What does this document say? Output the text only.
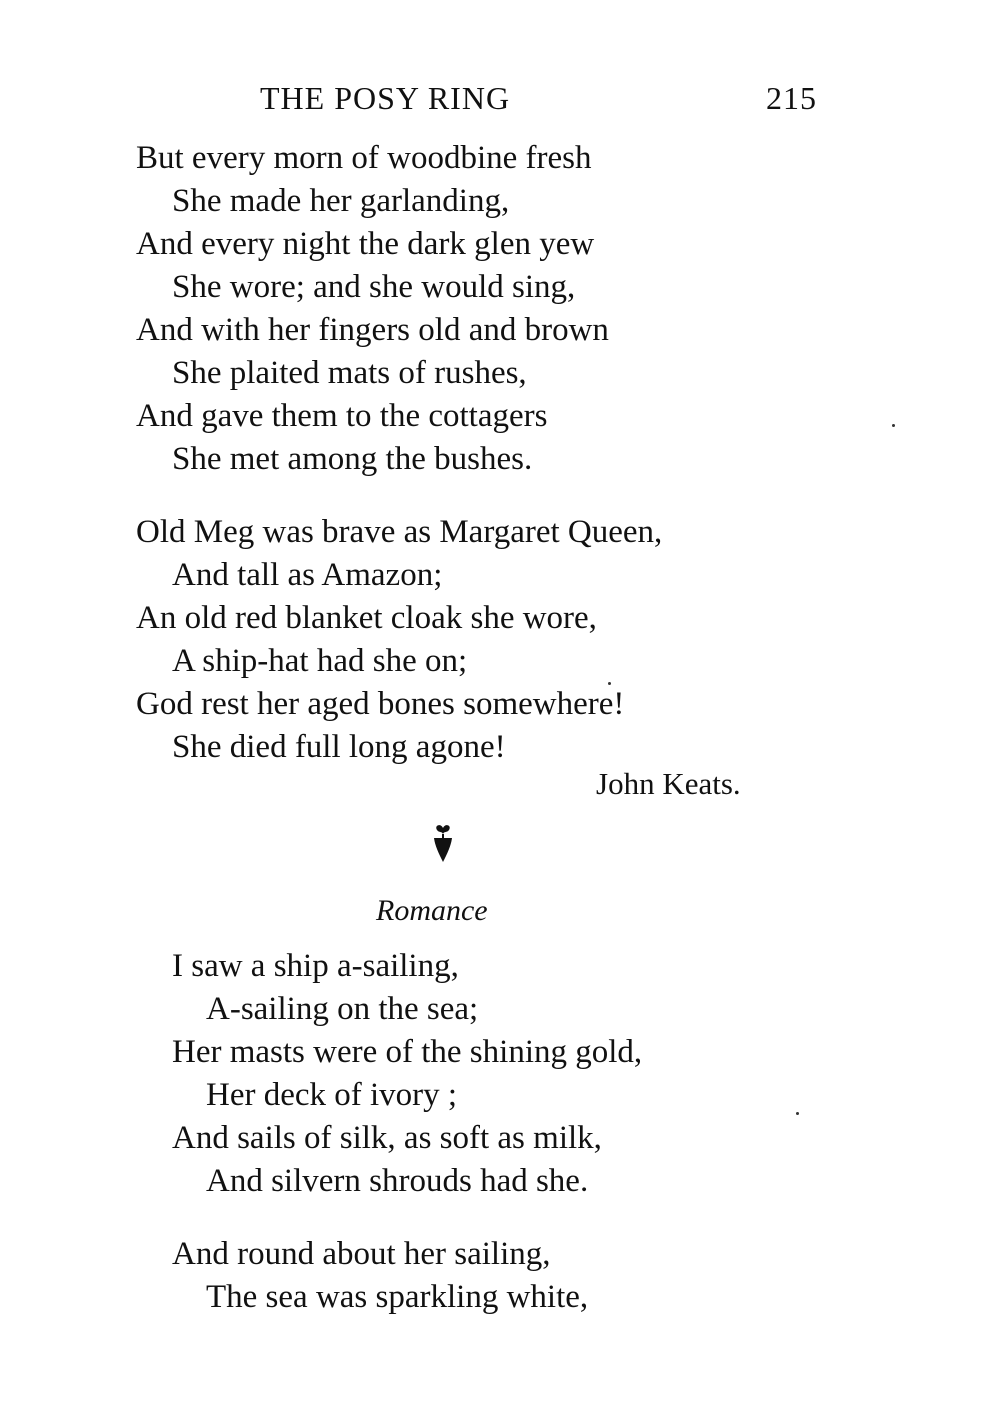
THE POSY RING	215
But every morn of woodbine fresh
She made her garlanding,
And every night the dark glen yew
She wore; and she would sing,
And with her fingers old and brown
She plaited mats of rushes,
And gave them to the cottagers
She met among the bushes.
Old Meg was brave as Margaret Queen,
And tall as Amazon;
An old red blanket cloak she wore,
A ship-hat had she on;
God rest her aged bones somewhere!
She died full long agone!
John Keats.
Romance
I saw a ship a-sailing,
A-sailing on the sea;
Her masts were of the shining gold,
Her deck of ivory ;
And sails of silk, as soft as milk,
And silvern shrouds had she.
And round about her sailing,
The sea was sparkling white,
